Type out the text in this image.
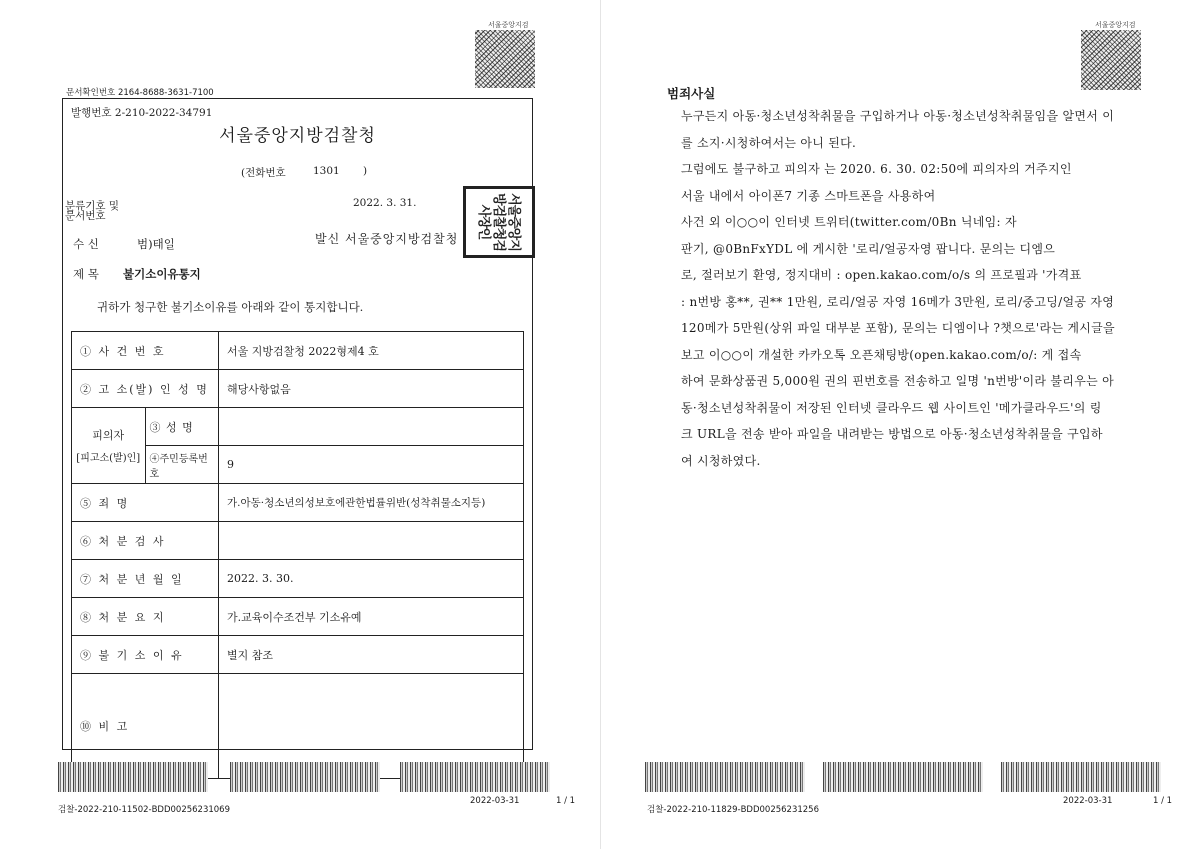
서울중앙지검
문서확인번호 2164-8688-3631-7100
발행번호 2-210-2022-34791
서울중앙지방검찰청
(전화번호	1301 )
분류기호 및
문서번호
2022. 3. 31.
수 신	범)태일	발신 서울중앙지방검찰청
제 목 불기소이유통지
귀하가 청구한 불기소이유를 아래와 같이 통지합니다.
서울중앙지방검찰청검사장인
① 사 건 번 호		서울 지방검찰청 2022형제4 호
② 고 소(발) 인 성 명		해당사항없음

피의자
[피고소(발)인]	③ 성 명	
	④주민등록번호	9
⑤ 죄 명		가.아동·청소년의성보호에관한법률위반(성착취물소지등)
⑥ 처 분 검 사		
⑦ 처 분 년 월 일		2022. 3. 30.
⑧ 처 분 요 지		가.교육이수조건부 기소유예
⑨ 불 기 소 이 유		별지 참조
⑩ 비 고		
검찰-2022-210-11502-BDD00256231069
2022-03-31	1 / 1
서울중앙지검
범죄사실

누구든지 아동·청소년성착취물을 구입하거나 아동·청소년성착취물임을 알면서 이

를 소지·시청하여서는 아니 된다.

그럼에도 불구하고 피의자 는 2020. 6. 30. 02:50에 피의자의 거주지인

서울 내에서 아이폰7 기종 스마트폰을 사용하여

사건 외 이○○이 인터넷 트위터(twitter.com/0Bn 닉네임: 자

판기, @0BnFxYDL 에 게시한 '로리/얼공자영 팝니다. 문의는 디엠으

로, 절러보기 환영, 정지대비 : open.kakao.com/o/s 의 프로필과 '가격표

: n번방 홍**, 권** 1만원, 로리/얼공 자영 16메가 3만원, 로리/중고딩/얼공 자영

120메가 5만원(상위 파일 대부분 포함), 문의는 디엠이나 ?챗으로'라는 게시글을

보고 이○○이 개설한 카카오톡 오픈채팅방(open.kakao.com/o/: 게 접속

하여 문화상품권 5,000원 권의 핀번호를 전송하고 일명 'n번방'이라 불리우는 아

동·청소년성착취물이 저장된 인터넷 클라우드 웹 사이트인 '메가클라우드'의 링

크 URL을 전송 받아 파일을 내려받는 방법으로 아동·청소년성착취물을 구입하

여 시청하였다.

검찰-2022-210-11829-BDD00256231256
2022-03-31	1 / 1
